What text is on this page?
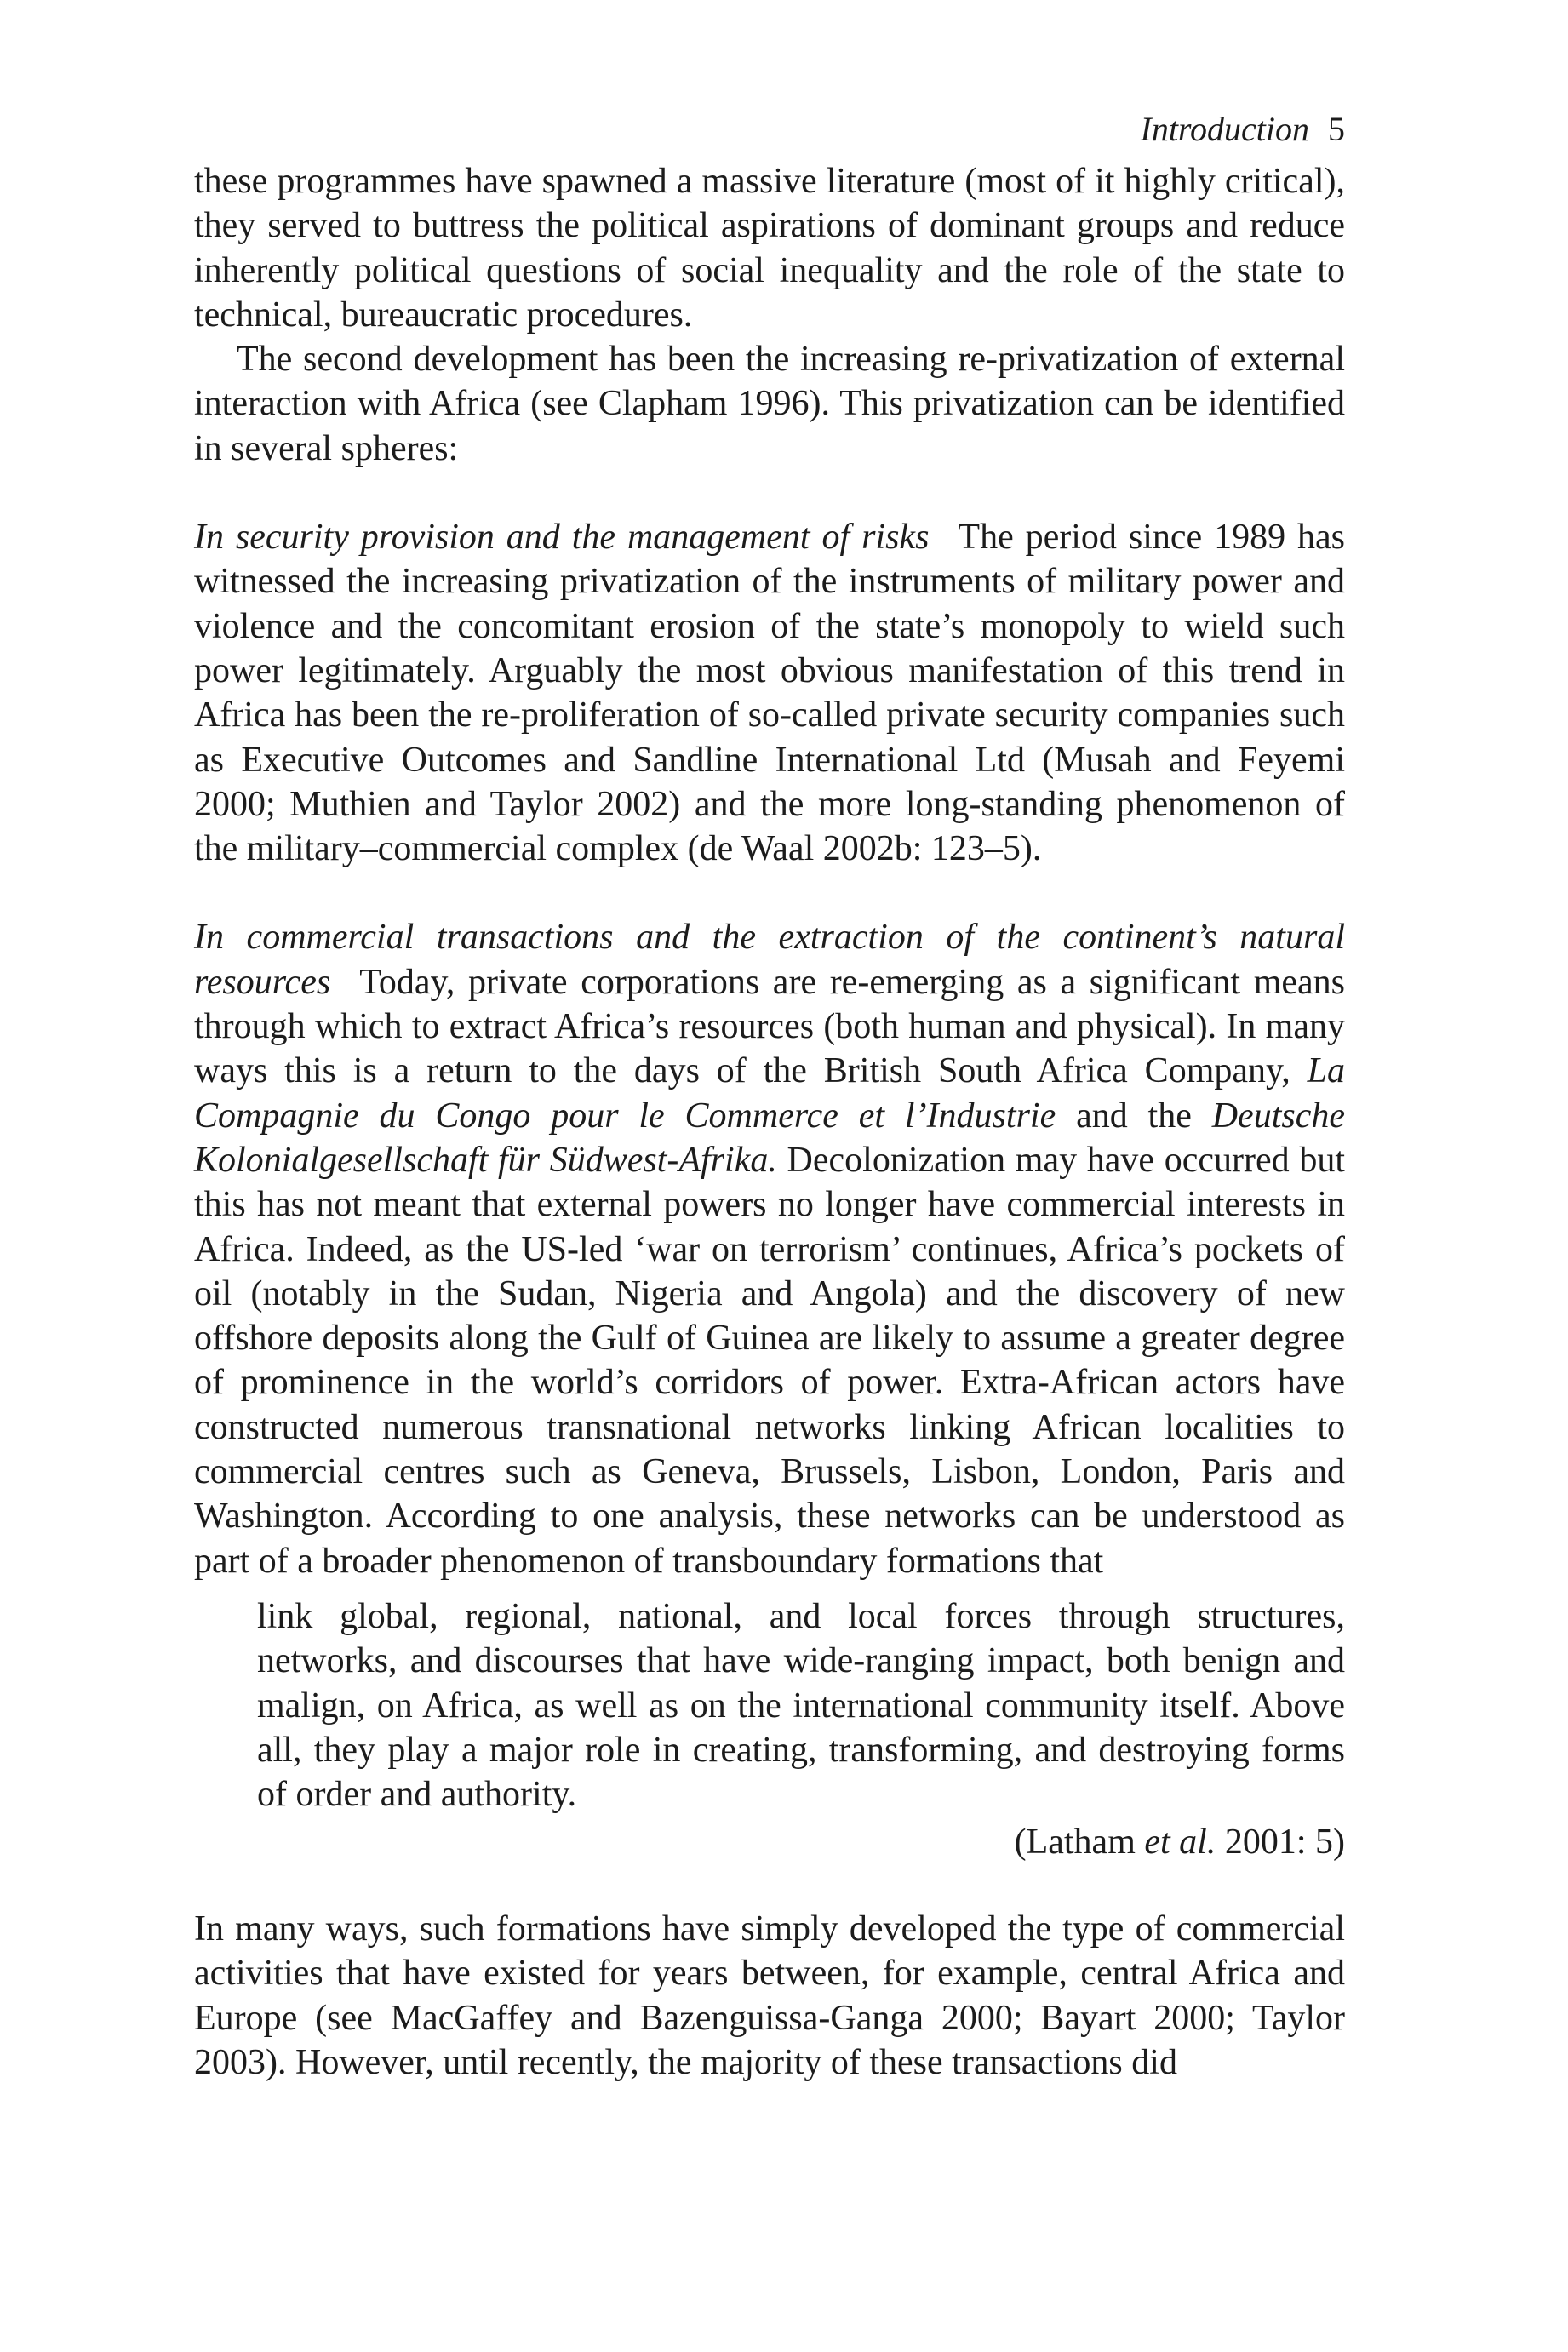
Introduction 5

these programmes have spawned a massive literature (most of it highly critical), they served to buttress the political aspirations of dominant groups and reduce inherently political questions of social inequality and the role of the state to technical, bureaucratic procedures.

The second development has been the increasing re-privatization of external interaction with Africa (see Clapham 1996). This privatization can be identified in several spheres:

In security provision and the management of risks The period since 1989 has witnessed the increasing privatization of the instruments of military power and violence and the concomitant erosion of the state’s monopoly to wield such power legitimately. Arguably the most obvious manifestation of this trend in Africa has been the re-proliferation of so-called private security companies such as Executive Outcomes and Sandline International Ltd (Musah and Feyemi 2000; Muthien and Taylor 2002) and the more long-standing phenomenon of the military–commercial complex (de Waal 2002b: 123–5).

In commercial transactions and the extraction of the continent’s natural resources Today, private corporations are re-emerging as a significant means through which to extract Africa’s resources (both human and physical). In many ways this is a return to the days of the British South Africa Company, La Compagnie du Congo pour le Commerce et l’Industrie and the Deutsche Kolonialgesellschaft für Südwest-Afrika. Decolonization may have occurred but this has not meant that external powers no longer have commercial interests in Africa. Indeed, as the US-led ‘war on terrorism’ continues, Africa’s pockets of oil (notably in the Sudan, Nigeria and Angola) and the discovery of new offshore deposits along the Gulf of Guinea are likely to assume a greater degree of prominence in the world’s corridors of power. Extra-African actors have constructed numerous transnational networks linking African localities to commercial centres such as Geneva, Brussels, Lisbon, London, Paris and Washington. According to one analysis, these networks can be understood as part of a broader phenomenon of transboundary formations that

link global, regional, national, and local forces through structures, networks, and discourses that have wide-ranging impact, both benign and malign, on Africa, as well as on the international community itself. Above all, they play a major role in creating, transforming, and destroying forms of order and authority.

(Latham et al. 2001: 5)

In many ways, such formations have simply developed the type of commercial activities that have existed for years between, for example, central Africa and Europe (see MacGaffey and Bazenguissa-Ganga 2000; Bayart 2000; Taylor 2003). However, until recently, the majority of these transactions did
